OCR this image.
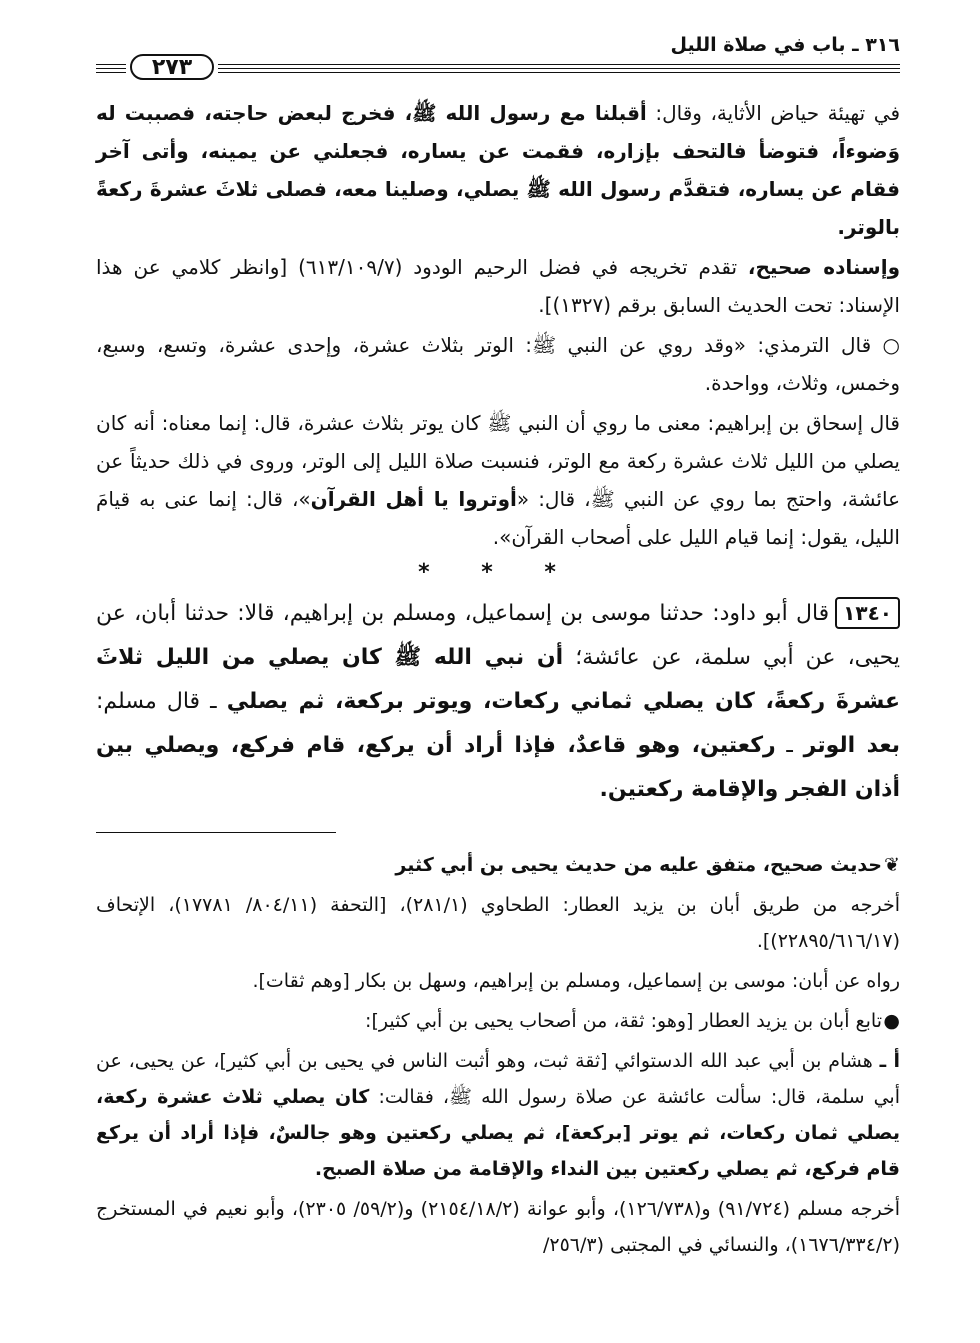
٣١٦ ـ باب في صلاة الليل
٢٧٣

في تهيئة حياض الأثاية، وقال: أقبلنا مع رسول الله ﷺ، فخرج لبعض حاجته، فصببت له وَضوءاً، فتوضأ فالتحف بإزاره، فقمت عن يساره، فجعلني عن يمينه، وأتى آخر فقام عن يساره، فتقدَّم رسول الله ﷺ يصلي، وصلينا معه، فصلى ثلاثَ عشرةَ ركعةً بالوتر.

وإسناده صحيح، تقدم تخريجه في فضل الرحيم الودود (٦١٣/١٠٩/٧) [وانظر كلامي عن هذا الإسناد: تحت الحديث السابق برقم (١٣٢٧)].

○ قال الترمذي: «وقد روي عن النبي ﷺ: الوتر بثلاث عشرة، وإحدى عشرة، وتسع، وسبع، وخمس، وثلاث، وواحدة.

قال إسحاق بن إبراهيم: معنى ما روي أن النبي ﷺ كان يوتر بثلاث عشرة، قال: إنما معناه: أنه كان يصلي من الليل ثلاث عشرة ركعة مع الوتر، فنسبت صلاة الليل إلى الوتر، وروى في ذلك حديثاً عن عائشة، واحتج بما روي عن النبي ﷺ، قال: «أوتروا يا أهل القرآن»، قال: إنما عنى به قيامَ الليل، يقول: إنما قيام الليل على أصحاب القرآن».

* * *

١٣٤٠قال أبو داود: حدثنا موسى بن إسماعيل، ومسلم بن إبراهيم، قالا: حدثنا أبان، عن يحيى، عن أبي سلمة، عن عائشة؛ أن نبي الله ﷺ كان يصلي من الليل ثلاثَ عشرةَ ركعةً، كان يصلي ثماني ركعات، ويوتر بركعة، ثم يصلي ـ قال مسلم: بعد الوتر ـ ركعتين، وهو قاعدٌ، فإذا أراد أن يركع، قام فركع، ويصلي بين أذان الفجر والإقامة ركعتين.

❦حديث صحيح، متفق عليه من حديث يحيى بن أبي كثير

أخرجه من طريق أبان بن يزيد العطار: الطحاوي (٢٨١/١)، [التحفة (٨٠٤/١١/ ١٧٧٨١)، الإتحاف (٢٢٨٩٥/٦١٦/١٧)].

رواه عن أبان: موسى بن إسماعيل، ومسلم بن إبراهيم، وسهل بن بكار [وهم ثقات].

●تابع أبان بن يزيد العطار [وهو: ثقة، من أصحاب يحيى بن أبي كثير]:

أ ـ هشام بن أبي عبد الله الدستوائي [ثقة ثبت، وهو أثبت الناس في يحيى بن أبي كثير]، عن يحيى، عن أبي سلمة، قال: سألت عائشة عن صلاة رسول الله ﷺ، فقالت: كان يصلي ثلاث عشرة ركعة، يصلي ثمان ركعات، ثم يوتر [بركعة]، ثم يصلي ركعتين وهو جالسٌ، فإذا أراد أن يركع قام فركع، ثم يصلي ركعتين بين النداء والإقامة من صلاة الصبح.

أخرجه مسلم (٩١/٧٢٤) و(١٢٦/٧٣٨)، وأبو عوانة (٢١٥٤/١٨/٢) و(٥٩/٢/ ٢٣٠٥)، وأبو نعيم في المستخرج (١٦٧٦/٣٣٤/٢)، والنسائي في المجتبى (٢٥٦/٣/
